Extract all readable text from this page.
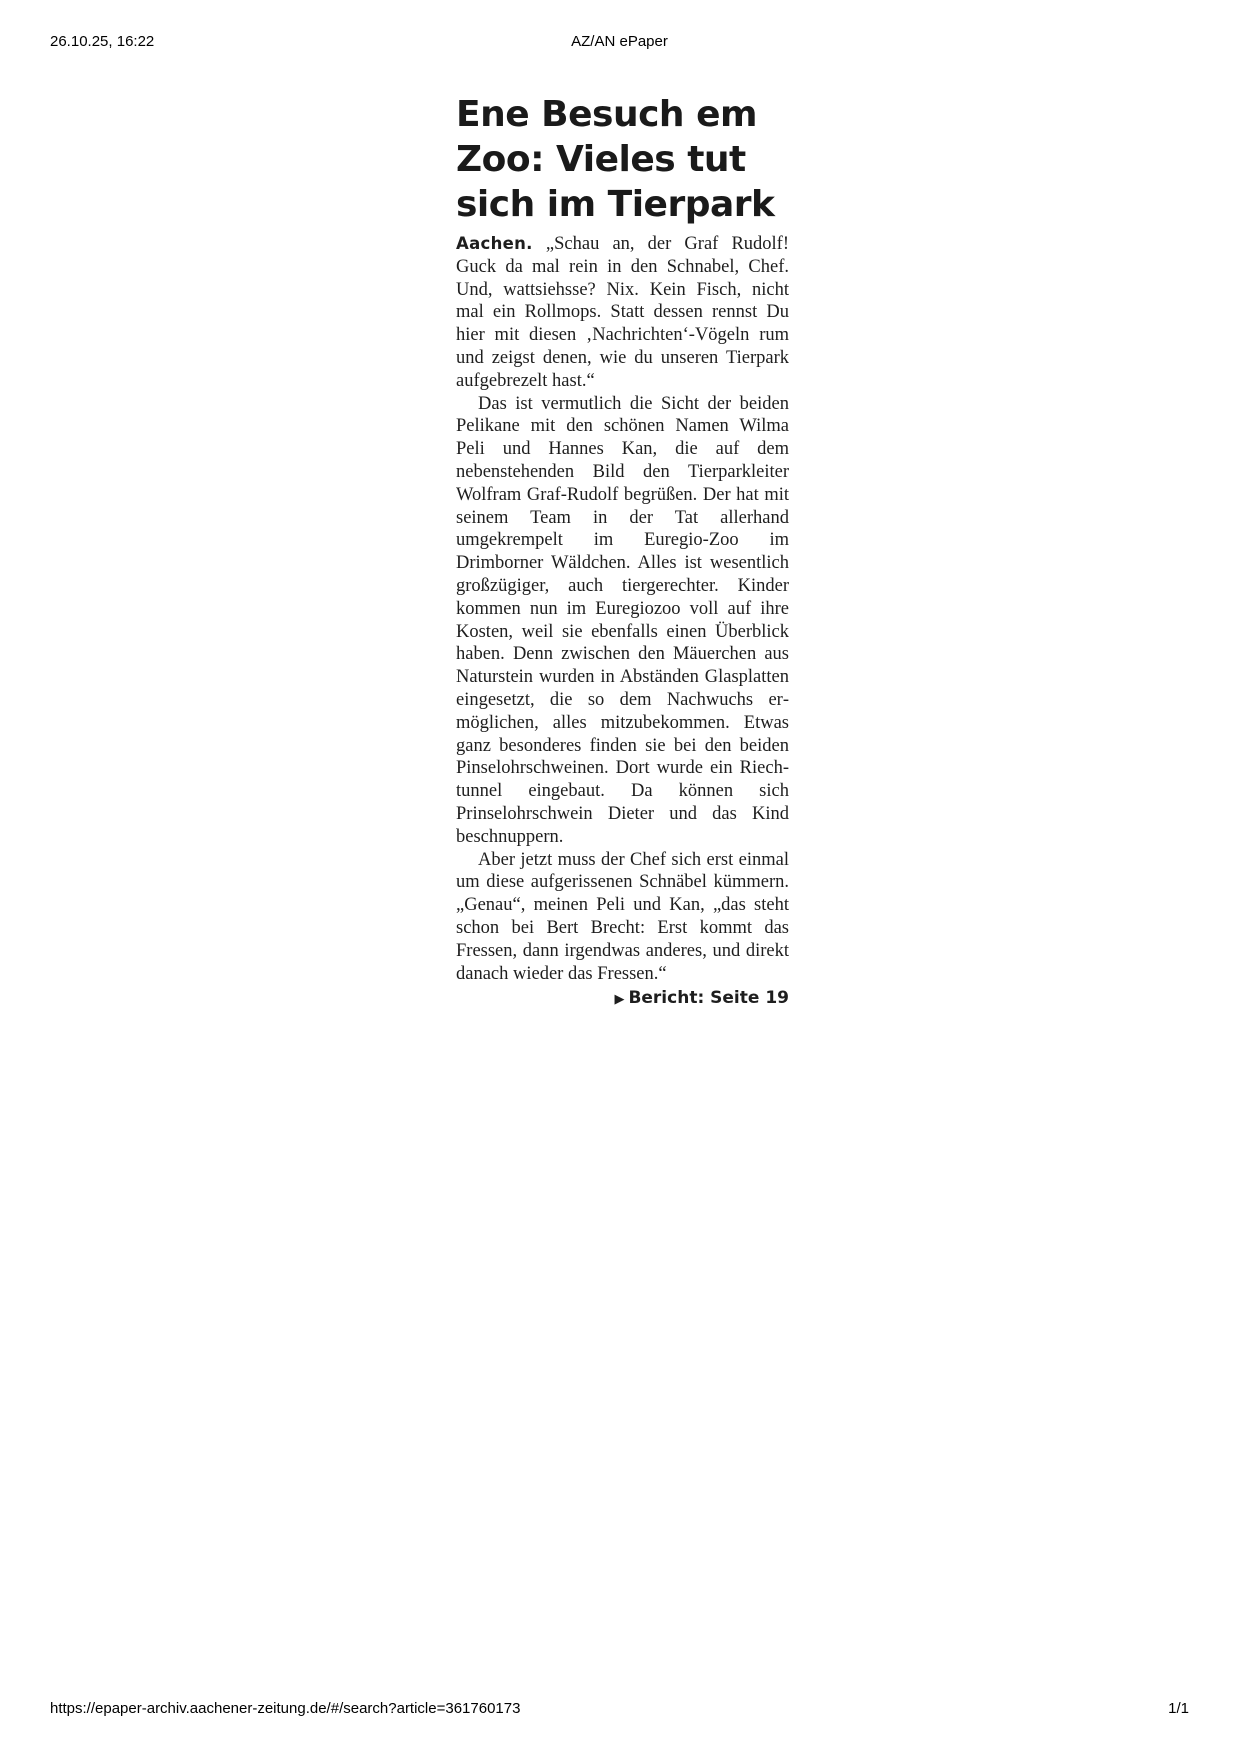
26.10.25, 16:22	AZ/AN ePaper
Ene Besuch em
Zoo: Vieles tut
sich im Tierpark

Aachen. „Schau an, der Graf Rudolf! Guck da mal rein in den Schnabel, Chef. Und, wattsiehsse? Nix. Kein Fisch, nicht mal ein Rollmops. Statt dessen rennst Du hier mit diesen ‚Nachrichten‘-Vögeln rum und zeigst denen, wie du unseren Tierpark aufgebrezelt hast.“

Das ist vermutlich die Sicht der beiden Pelikane mit den schönen Namen Wilma Peli und Hannes Kan, die auf dem nebenstehenden Bild den Tierparkleiter Wolfram Graf-Rudolf begrüßen. Der hat mit seinem Team in der Tat allerhand umgekrempelt im Euregio-Zoo im Drimborner Wäldchen. Alles ist wesentlich großzügiger, auch tiergerechter. Kinder kommen nun im Euregiozoo voll auf ihre Kosten, weil sie ebenfalls einen Überblick haben. Denn zwischen den Mäuerchen aus Naturstein wurden in Abständen Glasplatten eingesetzt, die so dem Nachwuchs ermöglichen, alles mitzubekommen. Etwas ganz besonderes finden sie bei den beiden Pinselohrschweinen. Dort wurde ein Riechtunnel eingebaut. Da können sich Prinselohrschwein Dieter und das Kind beschnuppern.

Aber jetzt muss der Chef sich erst einmal um diese aufgerissenen Schnäbel kümmern. „Genau“, meinen Peli und Kan, „das steht schon bei Bert Brecht: Erst kommt das Fressen, dann irgendwas anderes, und direkt danach wieder das Fressen.“

▶ Bericht: Seite 19
https://epaper-archiv.aachener-zeitung.de/#/search?article=361760173	1/1
